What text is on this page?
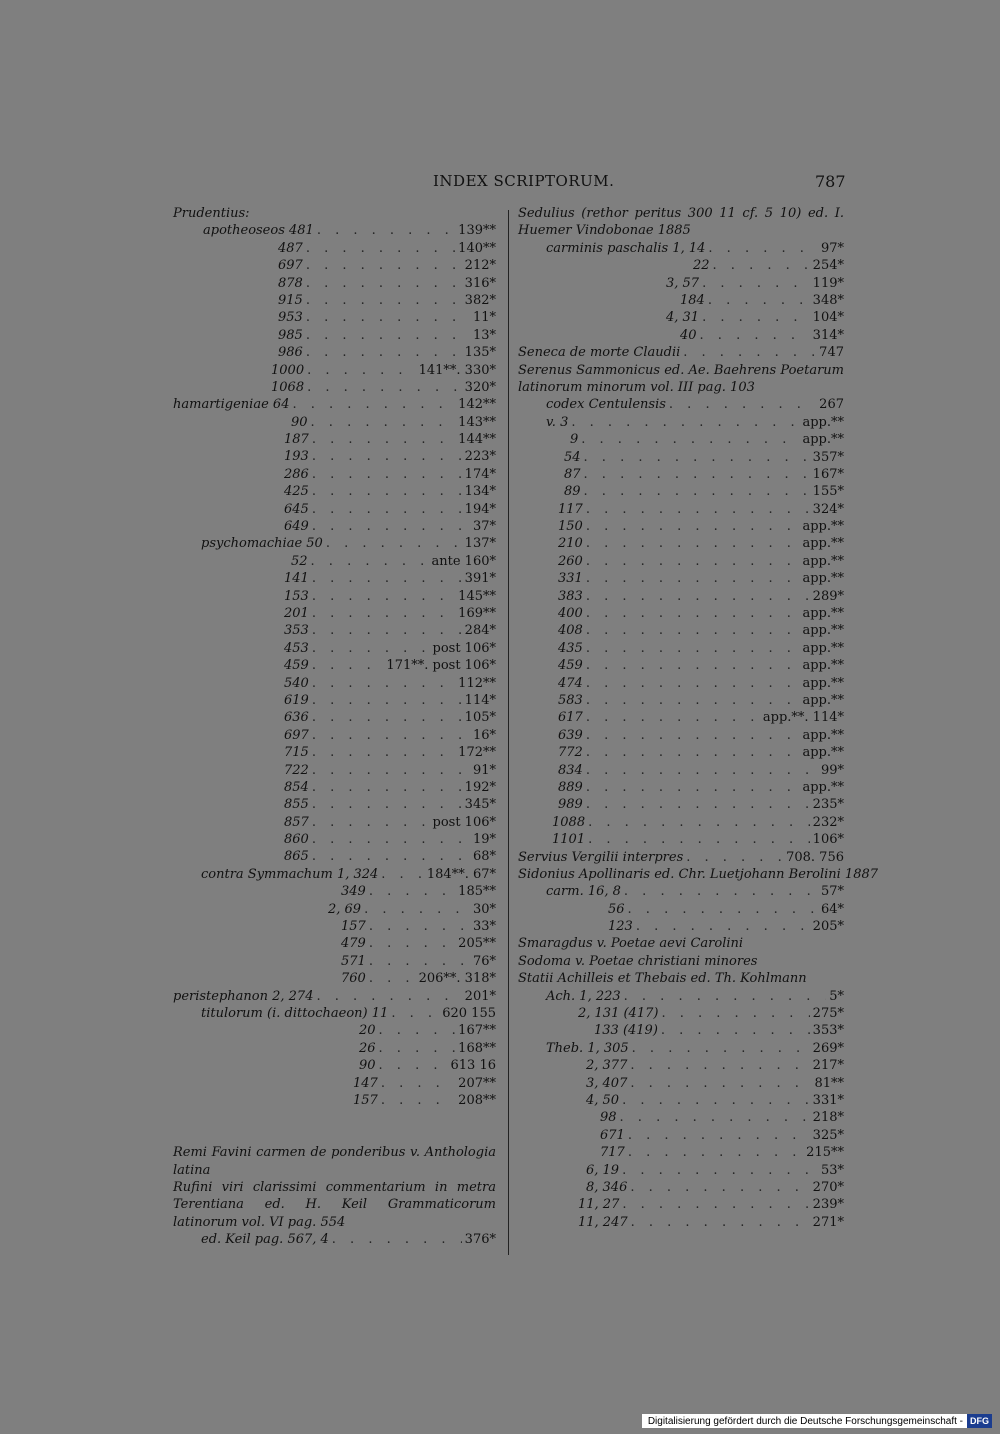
INDEX SCRIPTORUM.	787
Prudentius:
apotheoseos 481 . . .	139**
487 . . .	140**
697 . . .	212*
878 . . .	316*
915 . . .	382*
953 . . .	11*
985 . . .	13*
986 . . .	135*
1000 . . .	141**. 330*
1068 . . .	320*
hamartigeniae 64 . . .	142**
90 . . .	143**
187 . . .	144**
193 . . .	223*
286 . . .	174*
425 . . .	134*
645 . . .	194*
649 . . .	37*
psychomachiae 50 . . .	137*
52 . . .	ante 160*
141 . . .	391*
153 . . .	145**
201 . . .	169**
353 . . .	284*
453 . . .	post 106*
459 . . .	171**. post 106*
540 . . .	112**
619 . . .	114*
636 . . .	105*
697 . . .	16*
715 . . .	172**
722 . . .	91*
854 . . .	192*
855 . . .	345*
857 . . .	post 106*
860 . . .	19*
865 . . .	68*
contra Symmachum 1, 324 . . .	184**. 67*
349 . . .	185**
2, 69 . . .	30*
157 . . .	33*
479 . . .	205**
571 . . .	76*
760 . . .	206**. 318*
peristephanon 2, 274 . . .	201*
titulorum (i. dittochaeon) 11 . . .	620 155
20 . . .	167**
26 . . .	168**
90 . . .	613 16
147 . . .	207**
157 . . .	208**
Remi Favini carmen de ponderibus v. Anthologia latina
Rufini viri clarissimi commentarium in metra Terentiana ed. H. Keil Grammaticorum latinorum vol. VI pag. 554
ed. Keil pag. 567, 4 . . .	376*
Sedulius (rethor peritus 300 11 cf. 5 10) ed. I. Huemer Vindobonae 1885
carminis paschalis 1, 14 . . .	97*
22 . . .	254*
3, 57 . . .	119*
184 . . .	348*
4, 31 . . .	104*
40 . . .	314*
Seneca de morte Claudii . . .	747
Serenus Sammonicus ed. Ae. Baehrens Poetarum latinorum minorum vol. III pag. 103
codex Centulensis . . .	267
v. 3 . . .	app.**
9 . . .	app.**
54 . . .	357*
87 . . .	167*
89 . . .	155*
117 . . .	324*
150 . . .	app.**
210 . . .	app.**
260 . . .	app.**
331 . . .	app.**
383 . . .	289*
400 . . .	app.**
408 . . .	app.**
435 . . .	app.**
459 . . .	app.**
474 . . .	app.**
583 . . .	app.**
617 . . .	app.**. 114*
639 . . .	app.**
772 . . .	app.**
834 . . .	99*
889 . . .	app.**
989 . . .	235*
1088 . . .	232*
1101 . . .	106*
Servius Vergilii interpres . . .	708. 756
Sidonius Apollinaris ed. Chr. Luetjohann Berolini 1887
carm. 16, 8 . . .	57*
56 . . .	64*
123 . . .	205*
Smaragdus v. Poetae aevi Carolini
Sodoma v. Poetae christiani minores
Statii Achilleis et Thebais ed. Th. Kohlmann
Ach. 1, 223 . . .	5*
2, 131 (417) . . .	275*
133 (419) . . .	353*
Theb. 1, 305 . . .	269*
2, 377 . . .	217*
3, 407 . . .	81**
4, 50 . . .	331*
98 . . .	218*
671 . . .	325*
717 . . .	215**
6, 19 . . .	53*
8, 346 . . .	270*
11, 27 . . .	239*
11, 247 . . .	271*
Digitalisierung gefördert durch die Deutsche Forschungsgemeinschaft - DFG
